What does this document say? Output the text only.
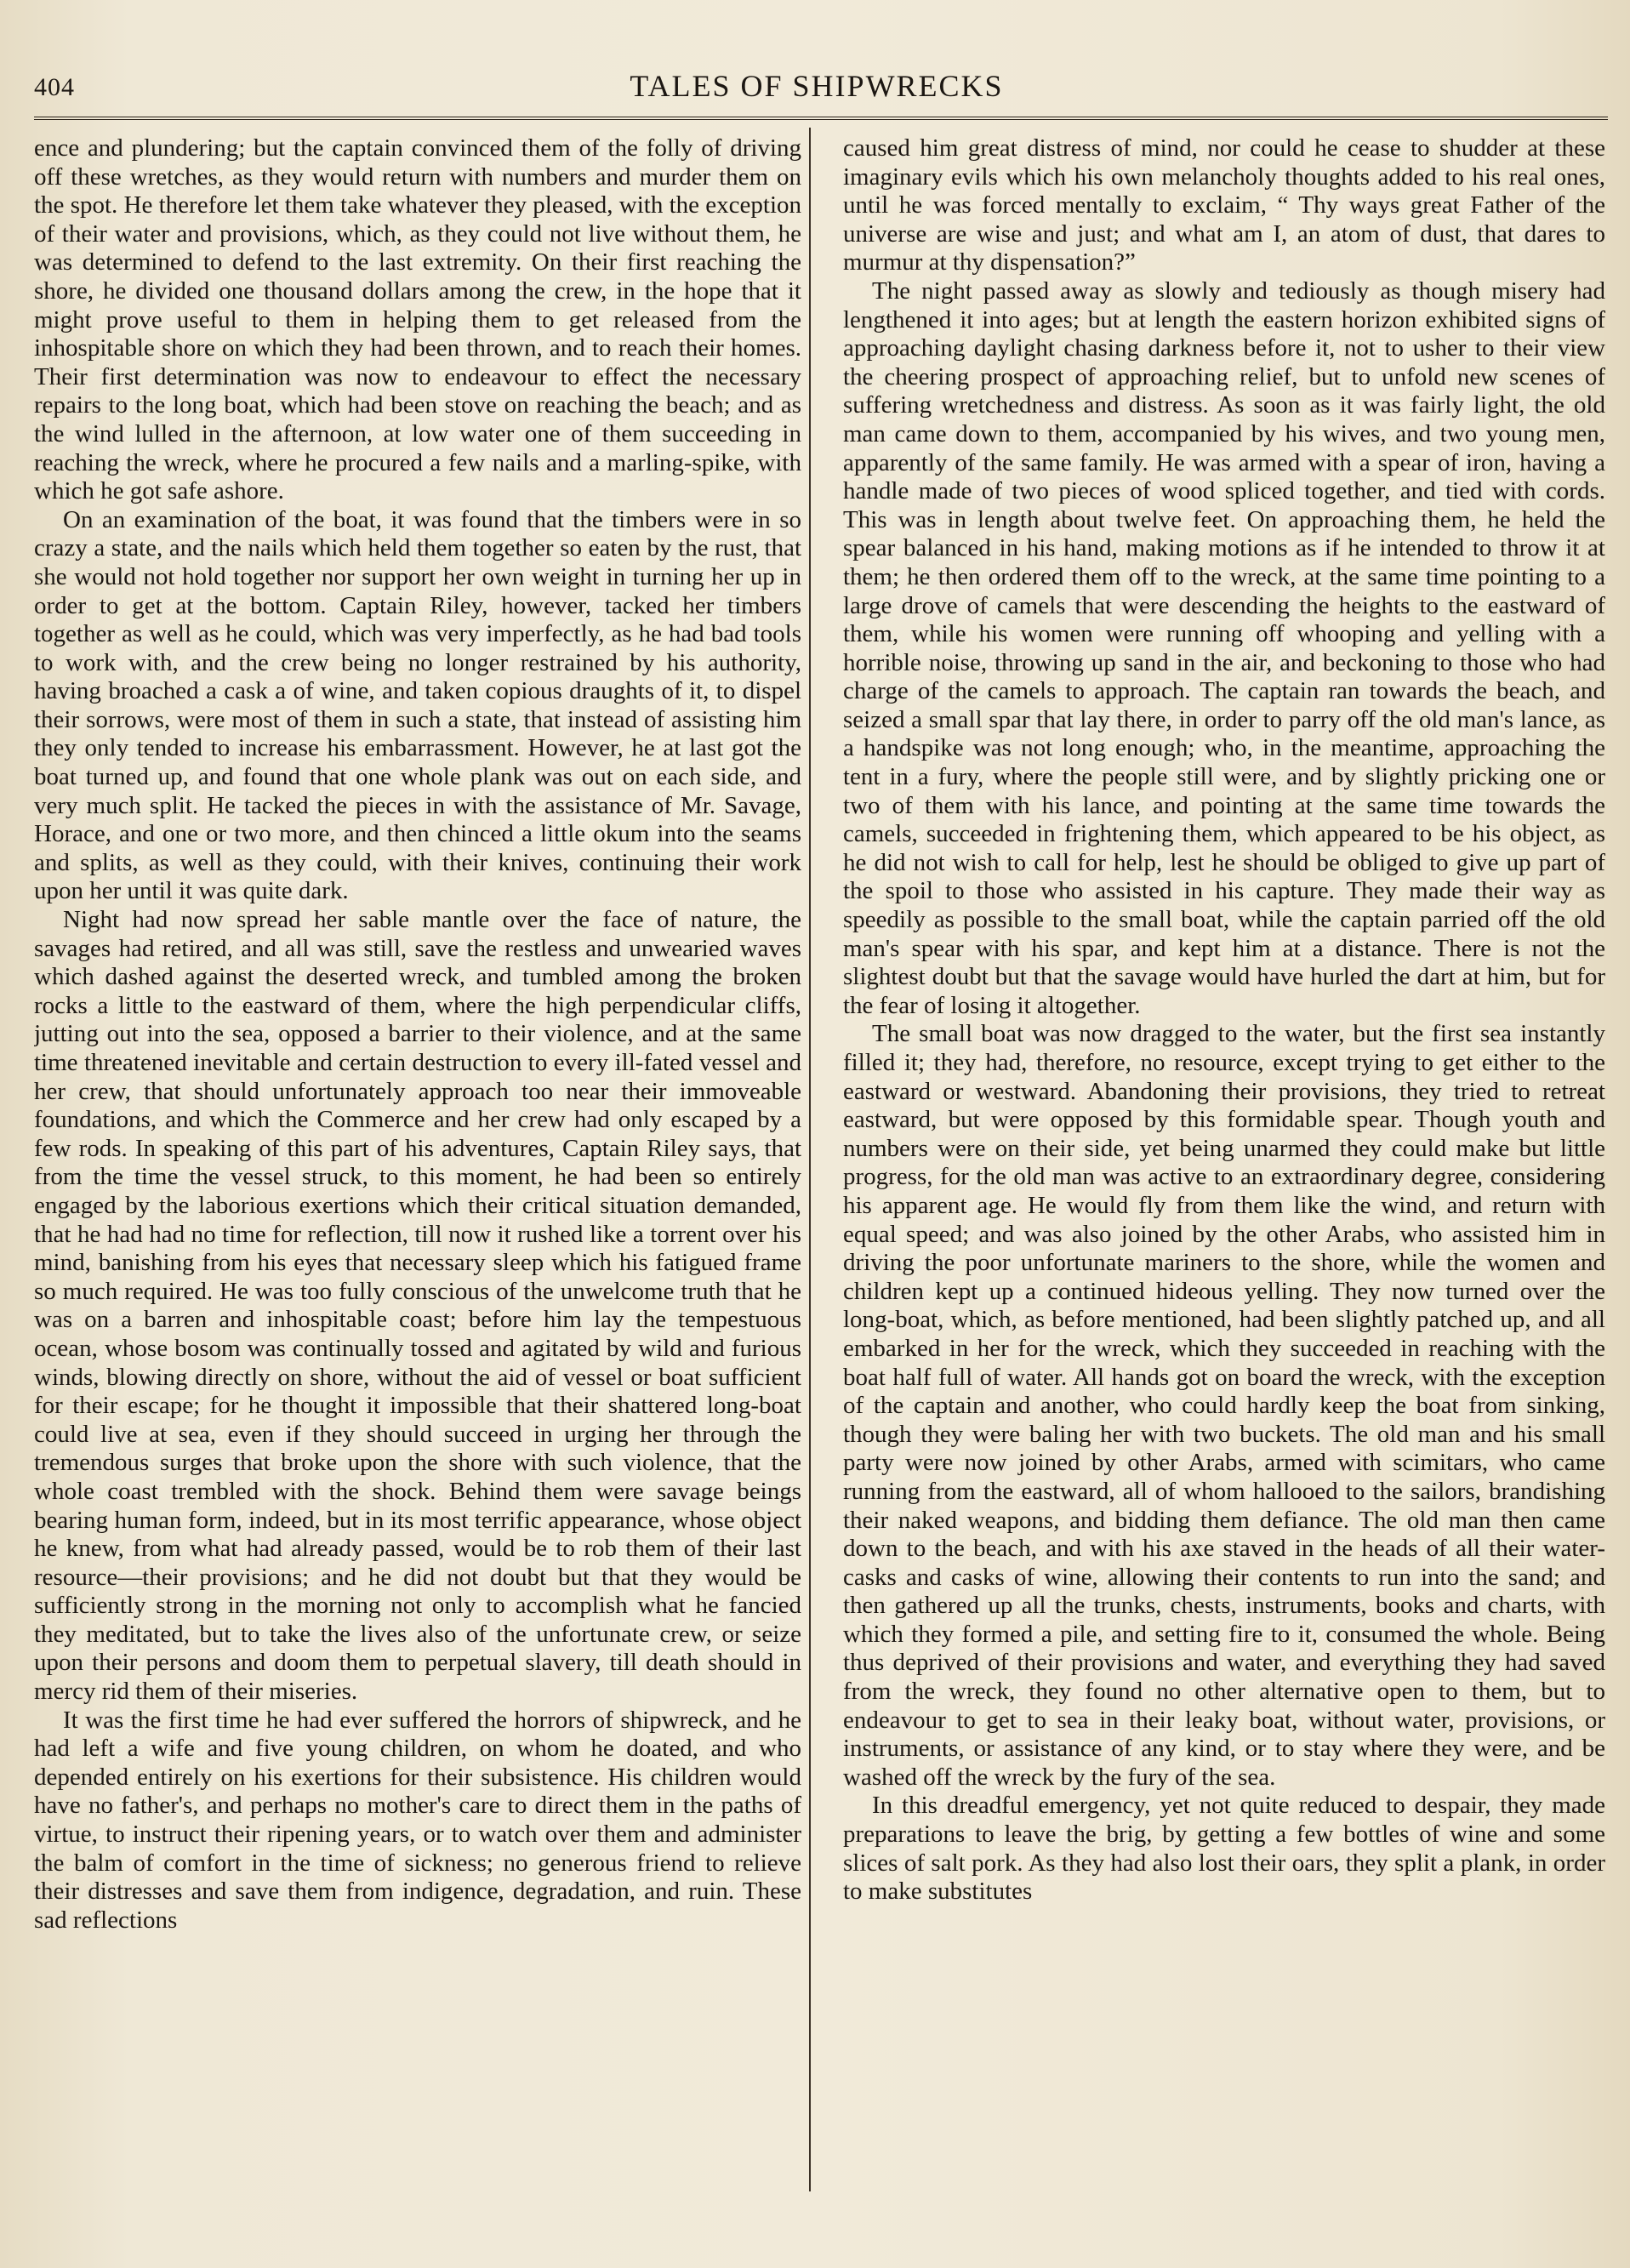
404	TALES OF SHIPWRECKS

ence and plundering; but the captain convinced them of the folly of driving off these wretches, as they would return with numbers and murder them on the spot. He therefore let them take whatever they pleased, with the exception of their water and provisions, which, as they could not live without them, he was determined to defend to the last extremity. On their first reaching the shore, he divided one thousand dollars among the crew, in the hope that it might prove useful to them in helping them to get released from the inhospitable shore on which they had been thrown, and to reach their homes. Their first determination was now to endeavour to effect the necessary repairs to the long boat, which had been stove on reaching the beach; and as the wind lulled in the afternoon, at low water one of them succeeding in reaching the wreck, where he procured a few nails and a marling-spike, with which he got safe ashore.

On an examination of the boat, it was found that the timbers were in so crazy a state, and the nails which held them together so eaten by the rust, that she would not hold together nor support her own weight in turning her up in order to get at the bottom. Captain Riley, however, tacked her timbers together as well as he could, which was very imperfectly, as he had bad tools to work with, and the crew being no longer restrained by his authority, having broached a cask a of wine, and taken copious draughts of it, to dispel their sorrows, were most of them in such a state, that instead of assisting him they only tended to increase his embarrassment. However, he at last got the boat turned up, and found that one whole plank was out on each side, and very much split. He tacked the pieces in with the assistance of Mr. Savage, Horace, and one or two more, and then chinced a little okum into the seams and splits, as well as they could, with their knives, continuing their work upon her until it was quite dark.

Night had now spread her sable mantle over the face of nature, the savages had retired, and all was still, save the restless and unwearied waves which dashed against the deserted wreck, and tumbled among the broken rocks a little to the eastward of them, where the high perpendicular cliffs, jutting out into the sea, opposed a barrier to their violence, and at the same time threatened inevitable and certain destruction to every ill-fated vessel and her crew, that should unfortunately approach too near their immoveable foundations, and which the Commerce and her crew had only escaped by a few rods. In speaking of this part of his adventures, Captain Riley says, that from the time the vessel struck, to this moment, he had been so entirely engaged by the laborious exertions which their critical situation demanded, that he had had no time for reflection, till now it rushed like a torrent over his mind, banishing from his eyes that necessary sleep which his fatigued frame so much required. He was too fully conscious of the unwelcome truth that he was on a barren and inhospitable coast; before him lay the tempestuous ocean, whose bosom was continually tossed and agitated by wild and furious winds, blowing directly on shore, without the aid of vessel or boat sufficient for their escape; for he thought it impossible that their shattered long-boat could live at sea, even if they should succeed in urging her through the tremendous surges that broke upon the shore with such violence, that the whole coast trembled with the shock. Behind them were savage beings bearing human form, indeed, but in its most terrific appearance, whose object he knew, from what had already passed, would be to rob them of their last resource—their provisions; and he did not doubt but that they would be sufficiently strong in the morning not only to accomplish what he fancied they meditated, but to take the lives also of the unfortunate crew, or seize upon their persons and doom them to perpetual slavery, till death should in mercy rid them of their miseries.

It was the first time he had ever suffered the horrors of shipwreck, and he had left a wife and five young children, on whom he doated, and who depended entirely on his exertions for their subsistence. His children would have no father's, and perhaps no mother's care to direct them in the paths of virtue, to instruct their ripening years, or to watch over them and administer the balm of comfort in the time of sickness; no generous friend to relieve their distresses and save them from indigence, degradation, and ruin. These sad reflections

caused him great distress of mind, nor could he cease to shudder at these imaginary evils which his own melancholy thoughts added to his real ones, until he was forced mentally to exclaim, “ Thy ways great Father of the universe are wise and just; and what am I, an atom of dust, that dares to murmur at thy dispensation?”

The night passed away as slowly and tediously as though misery had lengthened it into ages; but at length the eastern horizon exhibited signs of approaching daylight chasing darkness before it, not to usher to their view the cheering prospect of approaching relief, but to unfold new scenes of suffering wretchedness and distress. As soon as it was fairly light, the old man came down to them, accompanied by his wives, and two young men, apparently of the same family. He was armed with a spear of iron, having a handle made of two pieces of wood spliced together, and tied with cords. This was in length about twelve feet. On approaching them, he held the spear balanced in his hand, making motions as if he intended to throw it at them; he then ordered them off to the wreck, at the same time pointing to a large drove of camels that were descending the heights to the eastward of them, while his women were running off whooping and yelling with a horrible noise, throwing up sand in the air, and beckoning to those who had charge of the camels to approach. The captain ran towards the beach, and seized a small spar that lay there, in order to parry off the old man's lance, as a handspike was not long enough; who, in the meantime, approaching the tent in a fury, where the people still were, and by slightly pricking one or two of them with his lance, and pointing at the same time towards the camels, succeeded in frightening them, which appeared to be his object, as he did not wish to call for help, lest he should be obliged to give up part of the spoil to those who assisted in his capture. They made their way as speedily as possible to the small boat, while the captain parried off the old man's spear with his spar, and kept him at a distance. There is not the slightest doubt but that the savage would have hurled the dart at him, but for the fear of losing it altogether.

The small boat was now dragged to the water, but the first sea instantly filled it; they had, therefore, no resource, except trying to get either to the eastward or westward. Abandoning their provisions, they tried to retreat eastward, but were opposed by this formidable spear. Though youth and numbers were on their side, yet being unarmed they could make but little progress, for the old man was active to an extraordinary degree, considering his apparent age. He would fly from them like the wind, and return with equal speed; and was also joined by the other Arabs, who assisted him in driving the poor unfortunate mariners to the shore, while the women and children kept up a continued hideous yelling. They now turned over the long-boat, which, as before mentioned, had been slightly patched up, and all embarked in her for the wreck, which they succeeded in reaching with the boat half full of water. All hands got on board the wreck, with the exception of the captain and another, who could hardly keep the boat from sinking, though they were baling her with two buckets. The old man and his small party were now joined by other Arabs, armed with scimitars, who came running from the eastward, all of whom hallooed to the sailors, brandishing their naked weapons, and bidding them defiance. The old man then came down to the beach, and with his axe staved in the heads of all their water-casks and casks of wine, allowing their contents to run into the sand; and then gathered up all the trunks, chests, instruments, books and charts, with which they formed a pile, and setting fire to it, consumed the whole. Being thus deprived of their provisions and water, and everything they had saved from the wreck, they found no other alternative open to them, but to endeavour to get to sea in their leaky boat, without water, provisions, or instruments, or assistance of any kind, or to stay where they were, and be washed off the wreck by the fury of the sea.

In this dreadful emergency, yet not quite reduced to despair, they made preparations to leave the brig, by getting a few bottles of wine and some slices of salt pork. As they had also lost their oars, they split a plank, in order to make substitutes
